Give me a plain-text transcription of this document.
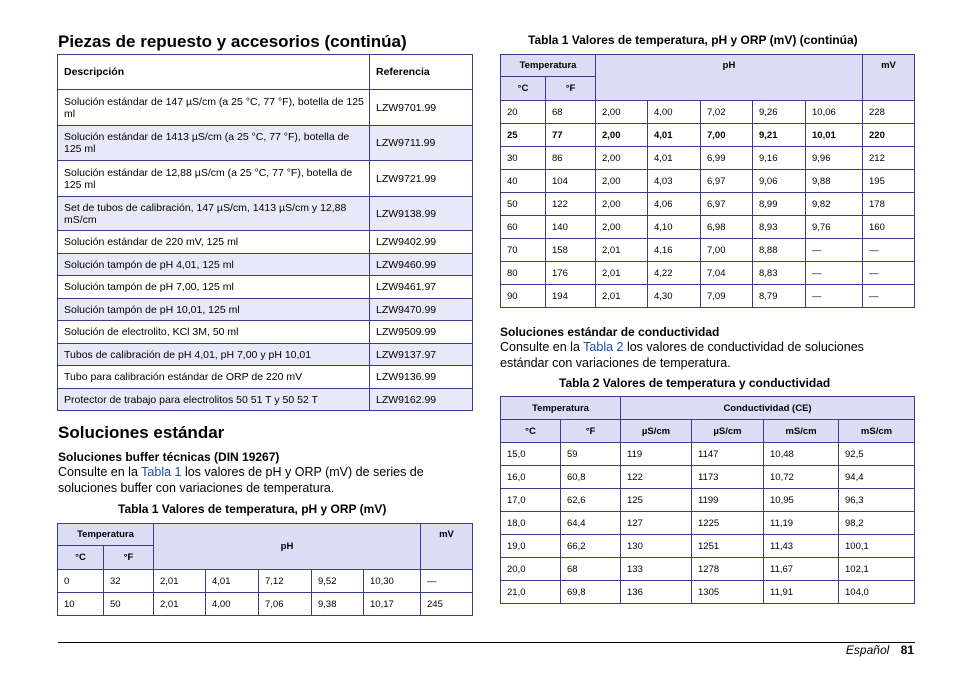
Piezas de repuesto y accesorios (continúa)
Descripción	Referencia
Solución estándar de 147 µS/cm (a 25 °C, 77 °F), botella de 125 ml	LZW9701.99
Solución estándar de 1413 µS/cm (a 25 °C, 77 °F), botella de 125 ml	LZW9711.99
Solución estándar de 12,88 µS/cm (a 25 °C, 77 °F), botella de 125 ml	LZW9721.99
Set de tubos de calibración, 147 µS/cm, 1413 µS/cm y 12,88 mS/cm	LZW9138.99
Solución estándar de 220 mV, 125 ml	LZW9402.99
Solución tampón de pH 4,01, 125 ml	LZW9460.99
Solución tampón de pH 7,00, 125 ml	LZW9461.97
Solución tampón de pH 10,01, 125 ml	LZW9470.99
Solución de electrolito, KCl 3M, 50 ml	LZW9509.99
Tubos de calibración de pH 4,01, pH 7,00 y pH 10,01	LZW9137.97
Tubo para calibración estándar de ORP de 220 mV	LZW9136.99
Protector de trabajo para electrolitos 50 51 T y 50 52 T	LZW9162.99
Soluciones estándar
Soluciones buffer técnicas (DIN 19267)
Consulte en la Tabla 1 los valores de pH y ORP (mV) de series de soluciones buffer con variaciones de temperatura.
Tabla 1 Valores de temperatura, pH y ORP (mV)
Temperatura		pH					mV
°C	°F						
0	32	2,01	4,01	7,12	9,52	10,30	—
10	50	2,01	4,00	7,06	9,38	10,17	245
Tabla 1 Valores de temperatura, pH y ORP (mV) (continúa)
Temperatura		pH					mV
°C	°F						
20	68	2,00	4,00	7,02	9,26	10,06	228
25	77	2,00	4,01	7,00	9,21	10,01	220
30	86	2,00	4,01	6,99	9,16	9,96	212
40	104	2,00	4,03	6,97	9,06	9,88	195
50	122	2,00	4,06	6,97	8,99	9,82	178
60	140	2,00	4,10	6,98	8,93	9,76	160
70	158	2,01	4,16	7,00	8,88	—	—
80	176	2,01	4,22	7,04	8,83	—	—
90	194	2,01	4,30	7,09	8,79	—	—
Soluciones estándar de conductividad
Consulte en la Tabla 2 los valores de conductividad de soluciones estándar con variaciones de temperatura.
Tabla 2 Valores de temperatura y conductividad
Temperatura		Conductividad (CE)			
°C	°F	µS/cm	µS/cm	mS/cm	mS/cm
15,0	59	119	1147	10,48	92,5
16,0	60,8	122	1173	10,72	94,4
17,0	62,6	125	1199	10,95	96,3
18,0	64,4	127	1225	11,19	98,2
19,0	66,2	130	1251	11,43	100,1
20,0	68	133	1278	11,67	102,1
21,0	69,8	136	1305	11,91	104,0
Español 81
